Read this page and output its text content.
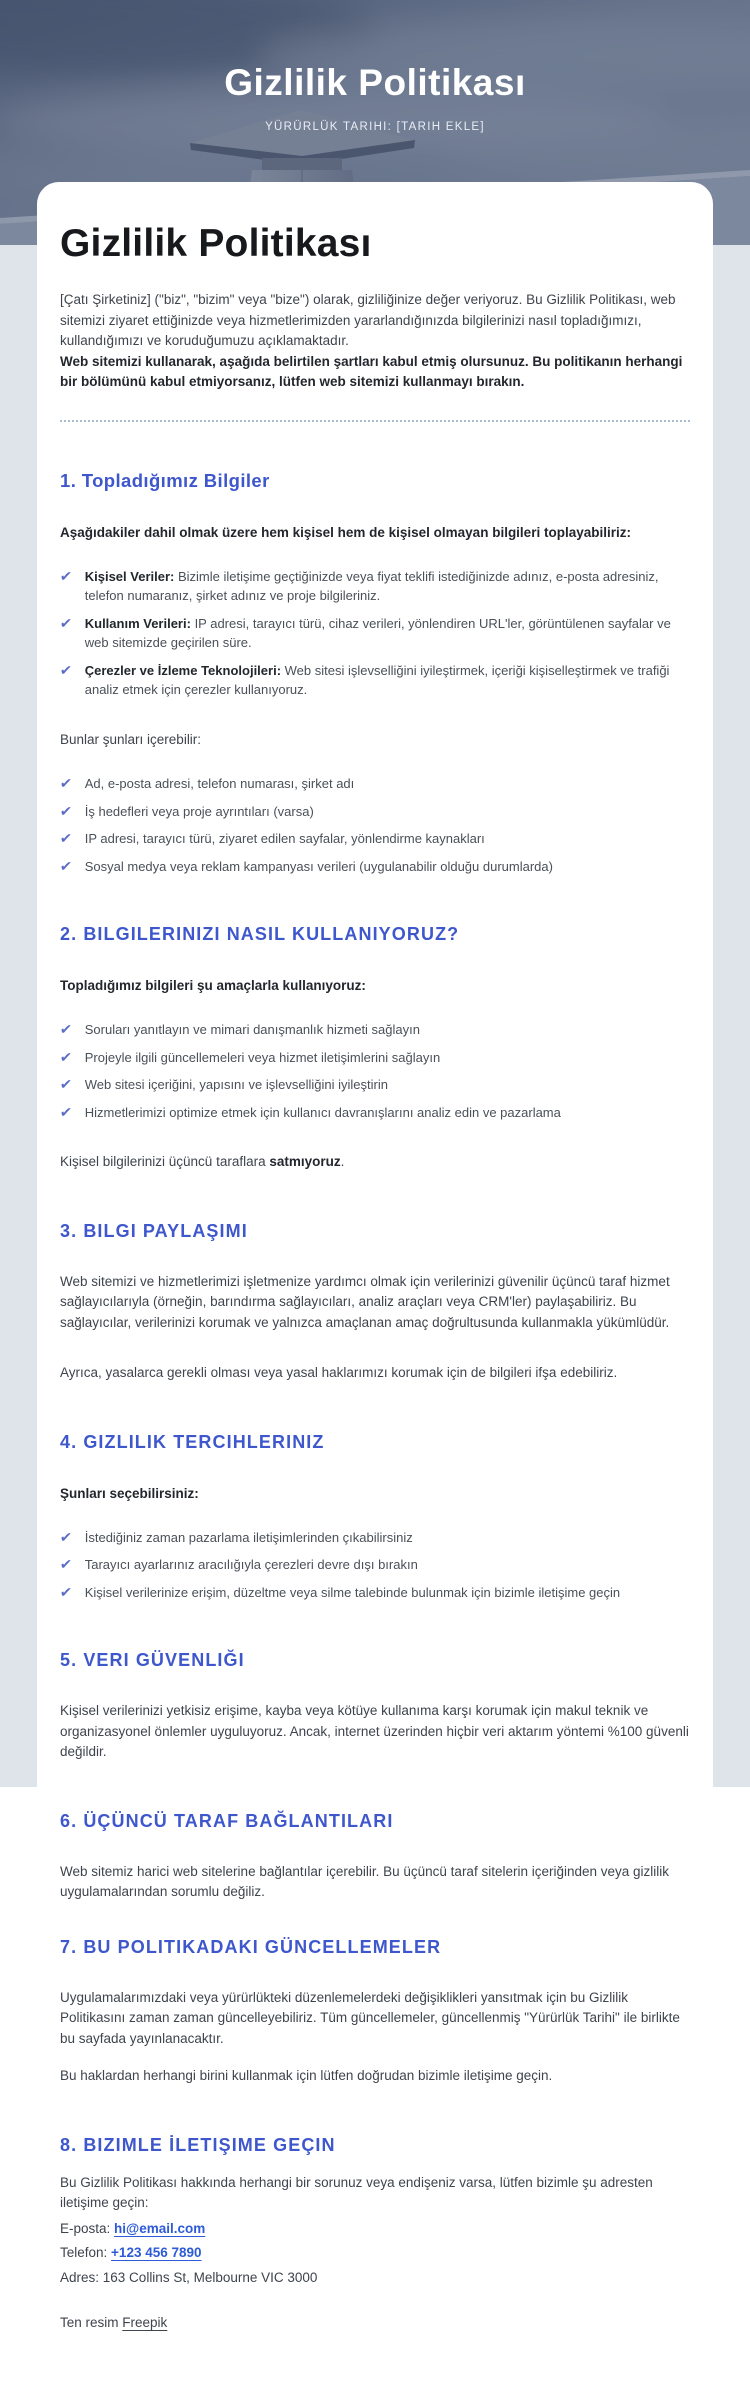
Gizlilik Politikası
YÜRÜRLÜK TARIHI: [TARIH EKLE]
Gizlilik Politikası

[Çatı Şirketiniz] ("biz", "bizim" veya "bize") olarak, gizliliğinize değer veriyoruz. Bu Gizlilik Politikası, web sitemizi ziyaret ettiğinizde veya hizmetlerimizden yararlandığınızda bilgilerinizi nasıl topladığımızı, kullandığımızı ve koruduğumuzu açıklamaktadır.

Web sitemizi kullanarak, aşağıda belirtilen şartları kabul etmiş olursunuz. Bu politikanın herhangi bir bölümünü kabul etmiyorsanız, lütfen web sitemizi kullanmayı bırakın.

1. Topladığımız Bilgiler

Aşağıdakiler dahil olmak üzere hem kişisel hem de kişisel olmayan bilgileri toplayabiliriz:

✔ Kişisel Veriler: Bizimle iletişime geçtiğinizde veya fiyat teklifi istediğinizde adınız, e-posta adresiniz, telefon numaranız, şirket adınız ve proje bilgileriniz.
✔ Kullanım Verileri: IP adresi, tarayıcı türü, cihaz verileri, yönlendiren URL'ler, görüntülenen sayfalar ve web sitemizde geçirilen süre.
✔ Çerezler ve İzleme Teknolojileri: Web sitesi işlevselliğini iyileştirmek, içeriği kişiselleştirmek ve trafiği analiz etmek için çerezler kullanıyoruz.

Bunlar şunları içerebilir:

✔ Ad, e-posta adresi, telefon numarası, şirket adı
✔ İş hedefleri veya proje ayrıntıları (varsa)
✔ IP adresi, tarayıcı türü, ziyaret edilen sayfalar, yönlendirme kaynakları
✔ Sosyal medya veya reklam kampanyası verileri (uygulanabilir olduğu durumlarda)
2. BILGILERINIZI NASIL KULLANIYORUZ?

Topladığımız bilgileri şu amaçlarla kullanıyoruz:

✔ Soruları yanıtlayın ve mimari danışmanlık hizmeti sağlayın
✔ Projeyle ilgili güncellemeleri veya hizmet iletişimlerini sağlayın
✔ Web sitesi içeriğini, yapısını ve işlevselliğini iyileştirin
✔ Hizmetlerimizi optimize etmek için kullanıcı davranışlarını analiz edin ve pazarlama

Kişisel bilgilerinizi üçüncü taraflara satmıyoruz.

3. BILGI PAYLAŞIMI

Web sitemizi ve hizmetlerimizi işletmenize yardımcı olmak için verilerinizi güvenilir üçüncü taraf hizmet sağlayıcılarıyla (örneğin, barındırma sağlayıcıları, analiz araçları veya CRM'ler) paylaşabiliriz. Bu sağlayıcılar, verilerinizi korumak ve yalnızca amaçlanan amaç doğrultusunda kullanmakla yükümlüdür.

Ayrıca, yasalarca gerekli olması veya yasal haklarımızı korumak için de bilgileri ifşa edebiliriz.

4. GIZLILIK TERCIHLERINIZ

Şunları seçebilirsiniz:

✔ İstediğiniz zaman pazarlama iletişimlerinden çıkabilirsiniz
✔ Tarayıcı ayarlarınız aracılığıyla çerezleri devre dışı bırakın
✔ Kişisel verilerinize erişim, düzeltme veya silme talebinde bulunmak için bizimle iletişime geçin
5. VERI GÜVENLIĞI

Kişisel verilerinizi yetkisiz erişime, kayba veya kötüye kullanıma karşı korumak için makul teknik ve organizasyonel önlemler uyguluyoruz. Ancak, internet üzerinden hiçbir veri aktarım yöntemi %100 güvenli değildir.

6. ÜÇÜNCÜ TARAF BAĞLANTILARI

Web sitemiz harici web sitelerine bağlantılar içerebilir. Bu üçüncü taraf sitelerin içeriğinden veya gizlilik uygulamalarından sorumlu değiliz.

7. BU POLITIKADAKI GÜNCELLEMELER

Uygulamalarımızdaki veya yürürlükteki düzenlemelerdeki değişiklikleri yansıtmak için bu Gizlilik Politikasını zaman zaman güncelleyebiliriz. Tüm güncellemeler, güncellenmiş "Yürürlük Tarihi" ile birlikte bu sayfada yayınlanacaktır.

Bu haklardan herhangi birini kullanmak için lütfen doğrudan bizimle iletişime geçin.

8. BIZIMLE İLETIŞIME GEÇIN

Bu Gizlilik Politikası hakkında herhangi bir sorunuz veya endişeniz varsa, lütfen bizimle şu adresten iletişime geçin:

E-posta: hi@email.com

Telefon: +123 456 7890

Adres: 163 Collins St, Melbourne VIC 3000

Ten resim Freepik
